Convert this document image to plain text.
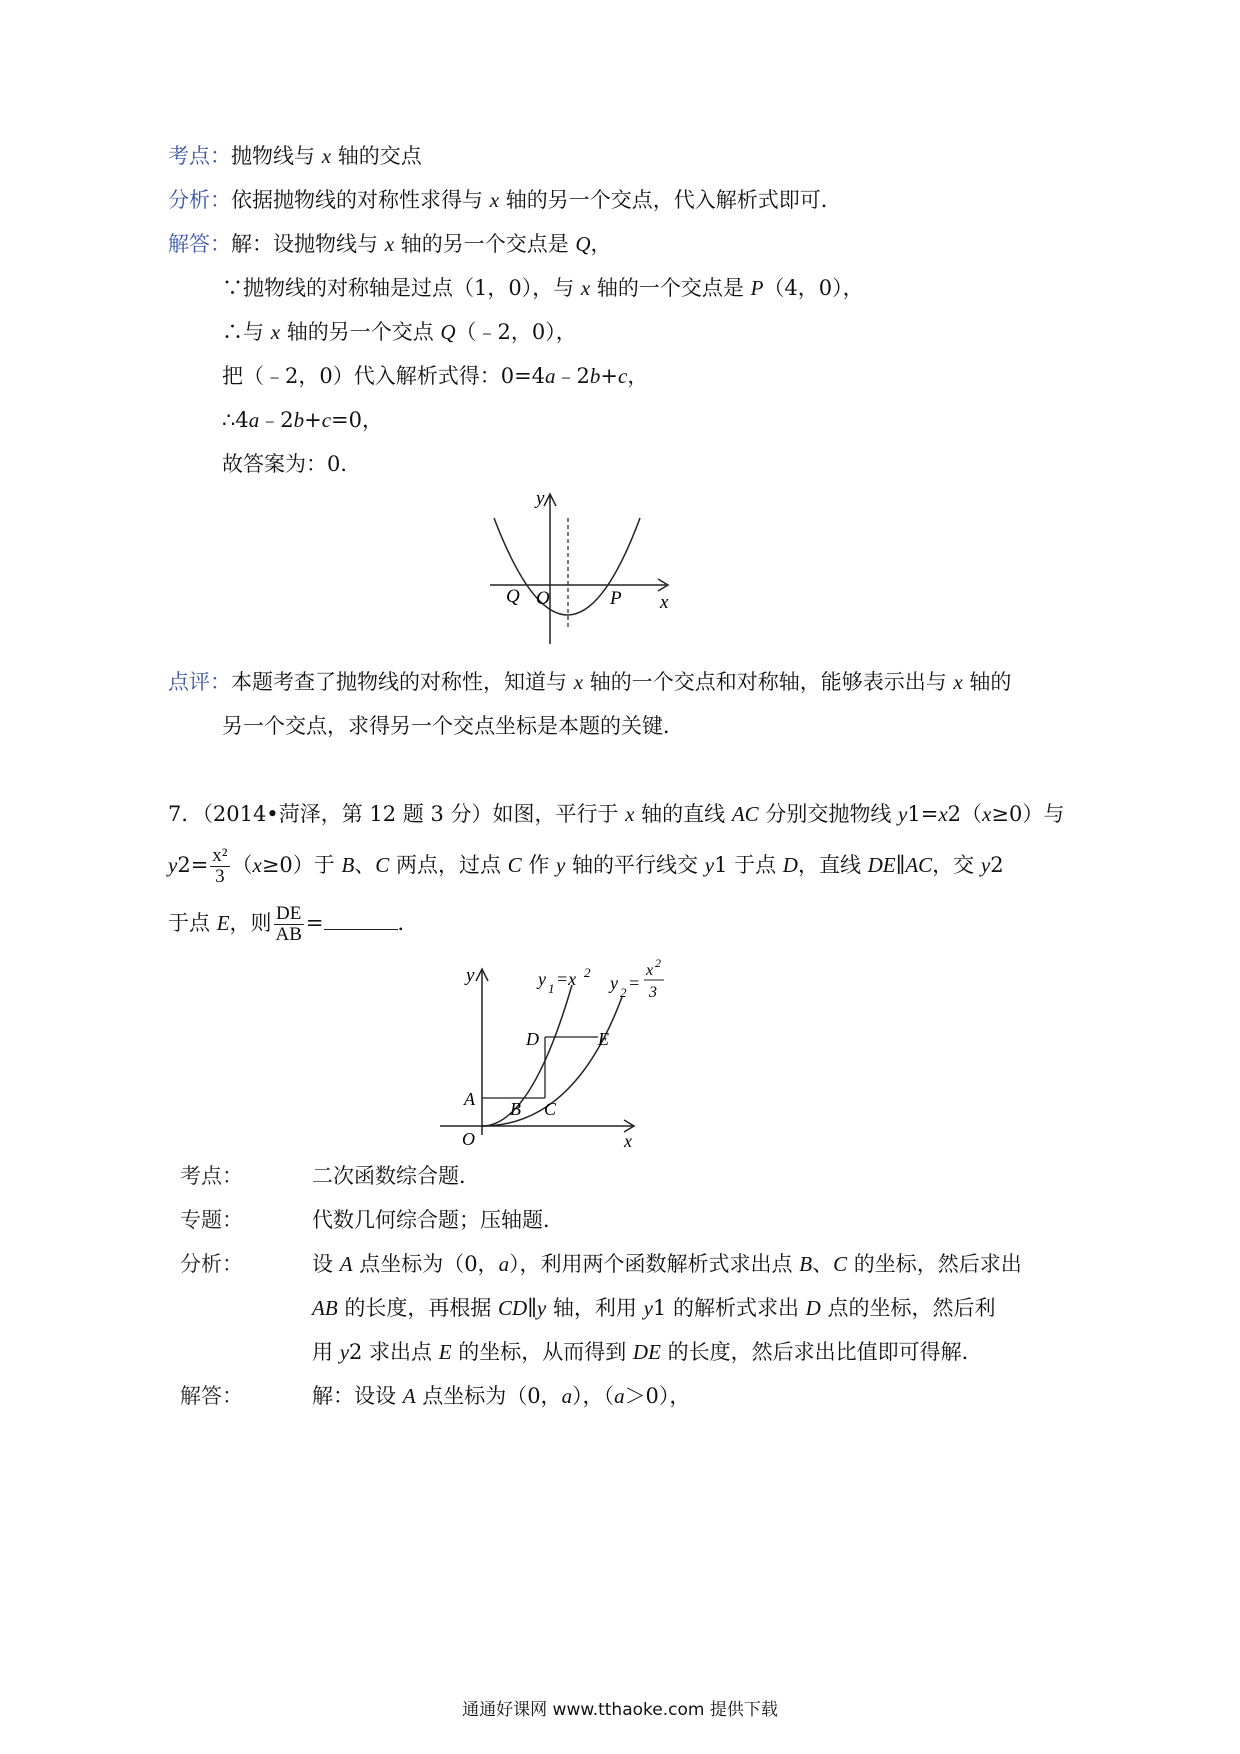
考点：抛物线与 x 轴的交点
分析：依据抛物线的对称性求得与 x 轴的另一个交点，代入解析式即可．
解答：解：设抛物线与 x 轴的另一个交点是 Q，
∵抛物线的对称轴是过点（1，0），与 x 轴的一个交点是 P（4，0），
∴与 x 轴的另一个交点 Q（﹣2，0），
把（﹣2，0）代入解析式得：0=4a﹣2b+c，
∴4a﹣2b+c=0，
故答案为：0．
y
x
Q O	P
点评：本题考查了抛物线的对称性，知道与 x 轴的一个交点和对称轴，能够表示出与 x 轴的
另一个交点，求得另一个交点坐标是本题的关键．
7．（2014•菏泽，第 12 题 3 分）如图，平行于 x 轴的直线 AC 分别交抛物线 y1=x2（x≥0）与
$y2= \frac{\text{x²}}{3} (x\ge 0)$于 B、C 两点，过点 C 作 y 轴的平行线交 y1 于点 D，直线 DE∥AC，交 y2
于点 E，则 $\frac{DE}{AB}$ =	．
y
x
O
A B C
D	E
y 1 =x 2
y 2 =
x 2
3
考点：	二次函数综合题．
专题：	代数几何综合题；压轴题．
分析：	设 A 点坐标为（0，a），利用两个函数解析式求出点 B、C 的坐标，然后求出
AB 的长度，再根据 CD∥y 轴，利用 y1 的解析式求出 D 点的坐标，然后利
用 y2 求出点 E 的坐标，从而得到 DE 的长度，然后求出比值即可得解．
解答：	解：设设 A 点坐标为（0，a），（a＞0），
通通好课网 www.tthaoke.com 提供下载
